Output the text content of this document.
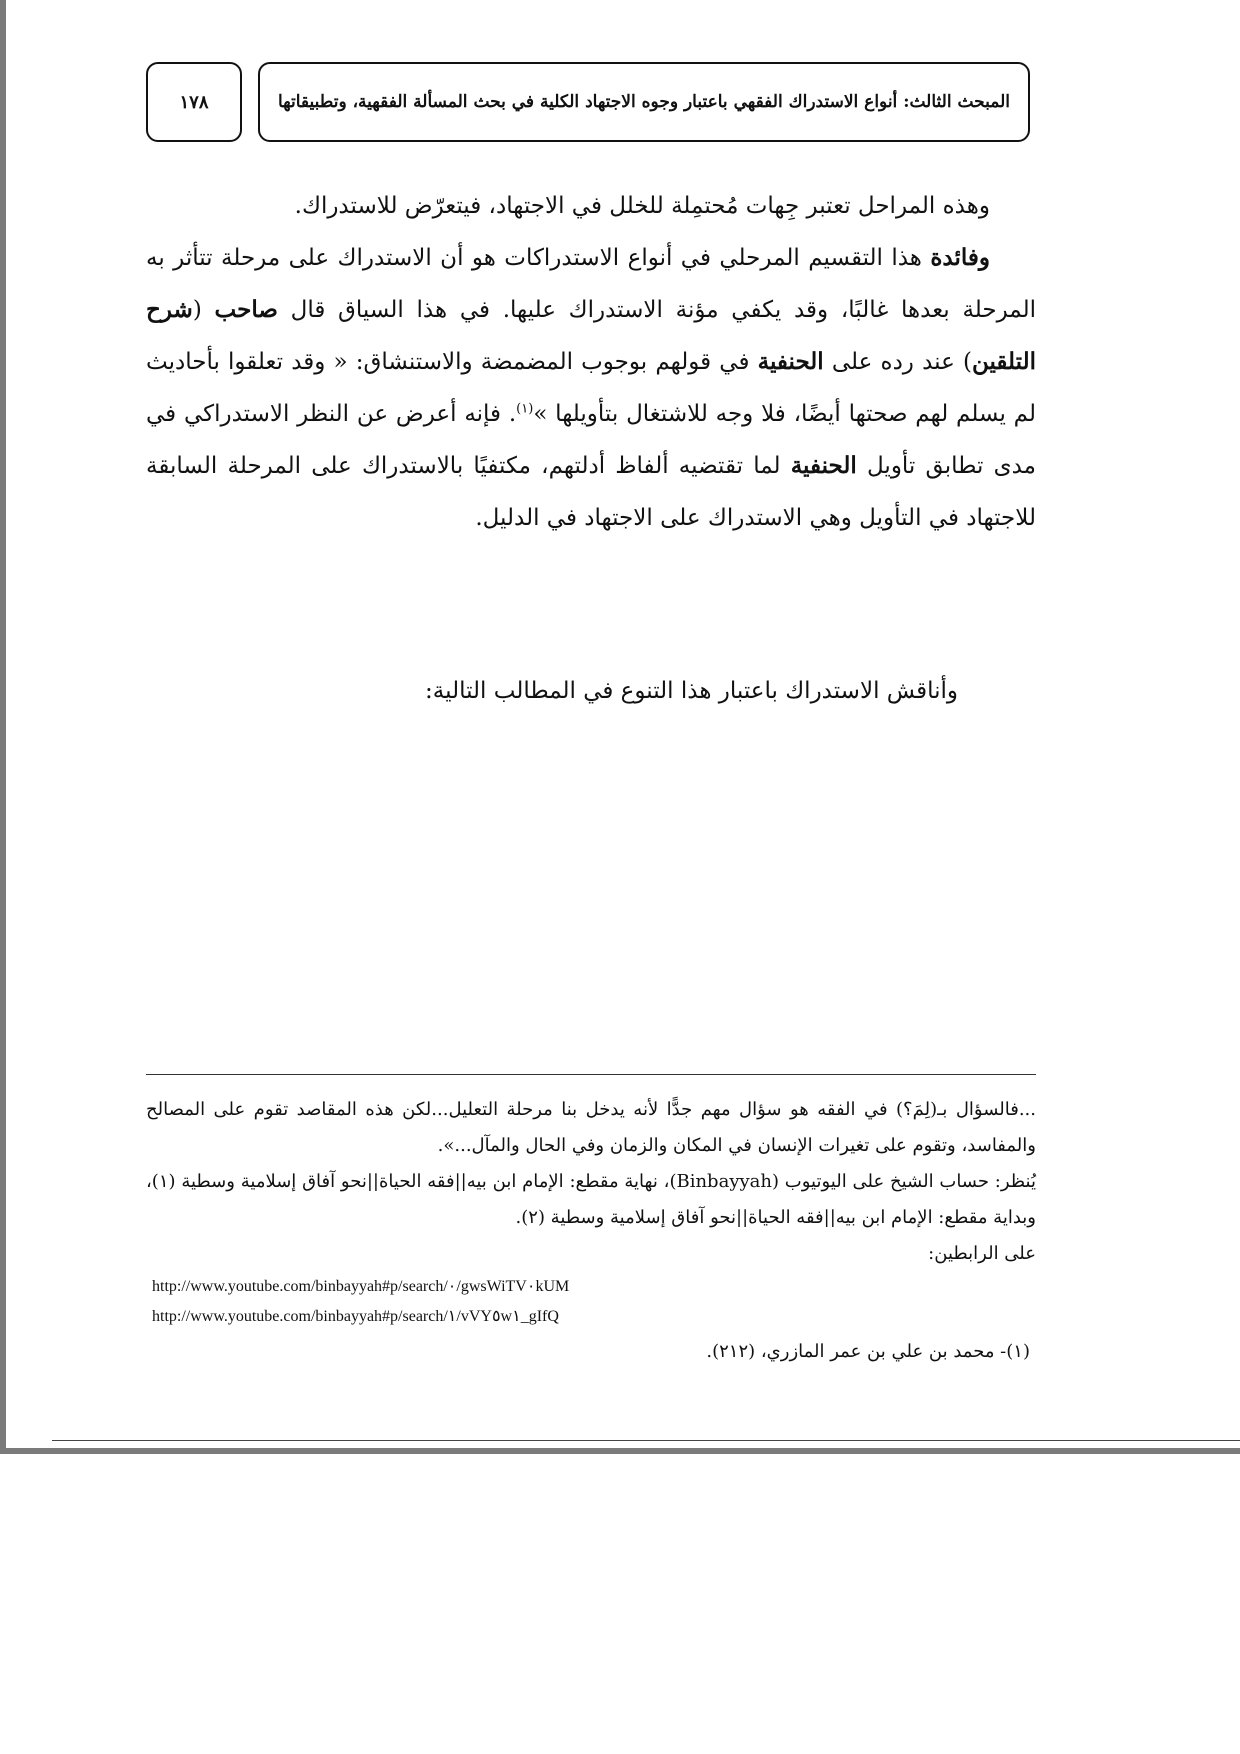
المبحث الثالث: أنواع الاستدراك الفقهي باعتبار وجوه الاجتهاد الكلية في بحث المسألة الفقهية، وتطبيقاتها
١٧٨

وهذه المراحل تعتبر جِهات مُحتمِلة للخلل في الاجتهاد، فيتعرّض للاستدراك.

وفائدة هذا التقسيم المرحلي في أنواع الاستدراكات هو أن الاستدراك على مرحلة تتأثر به المرحلة بعدها غالبًا، وقد يكفي مؤنة الاستدراك عليها. في هذا السياق قال صاحب (شرح التلقين) عند رده على الحنفية في قولهم بوجوب المضمضة والاستنشاق: « وقد تعلقوا بأحاديث لم يسلم لهم صحتها أيضًا، فلا وجه للاشتغال بتأويلها »$^{(١)}$. فإنه أعرض عن النظر الاستدراكي في مدى تطابق تأويل الحنفية لما تقتضيه ألفاظ أدلتهم، مكتفيًا بالاستدراك على المرحلة السابقة للاجتهاد في التأويل وهي الاستدراك على الاجتهاد في الدليل.

وأناقش الاستدراك باعتبار هذا التنوع في المطالب التالية:

...فالسؤال بـ(لِمَ؟) في الفقه هو سؤال مهم جدًّا لأنه يدخل بنا مرحلة التعليل...لكن هذه المقاصد تقوم على المصالح والمفاسد، وتقوم على تغيرات الإنسان في المكان والزمان وفي الحال والمآل...».

يُنظر: حساب الشيخ على اليوتيوب (Binbayyah)، نهاية مقطع: الإمام ابن بيه||فقه الحياة||نحو آفاق إسلامية وسطية (١)، وبداية مقطع: الإمام ابن بيه||فقه الحياة||نحو آفاق إسلامية وسطية (٢).

على الرابطين:

http://www.youtube.com/binbayyah#p/search/٠/gwsWiTV٠kUM

http://www.youtube.com/binbayyah#p/search/١/vVY٥w١_gIfQ

(١)- محمد بن علي بن عمر المازري، (٢١٢).
